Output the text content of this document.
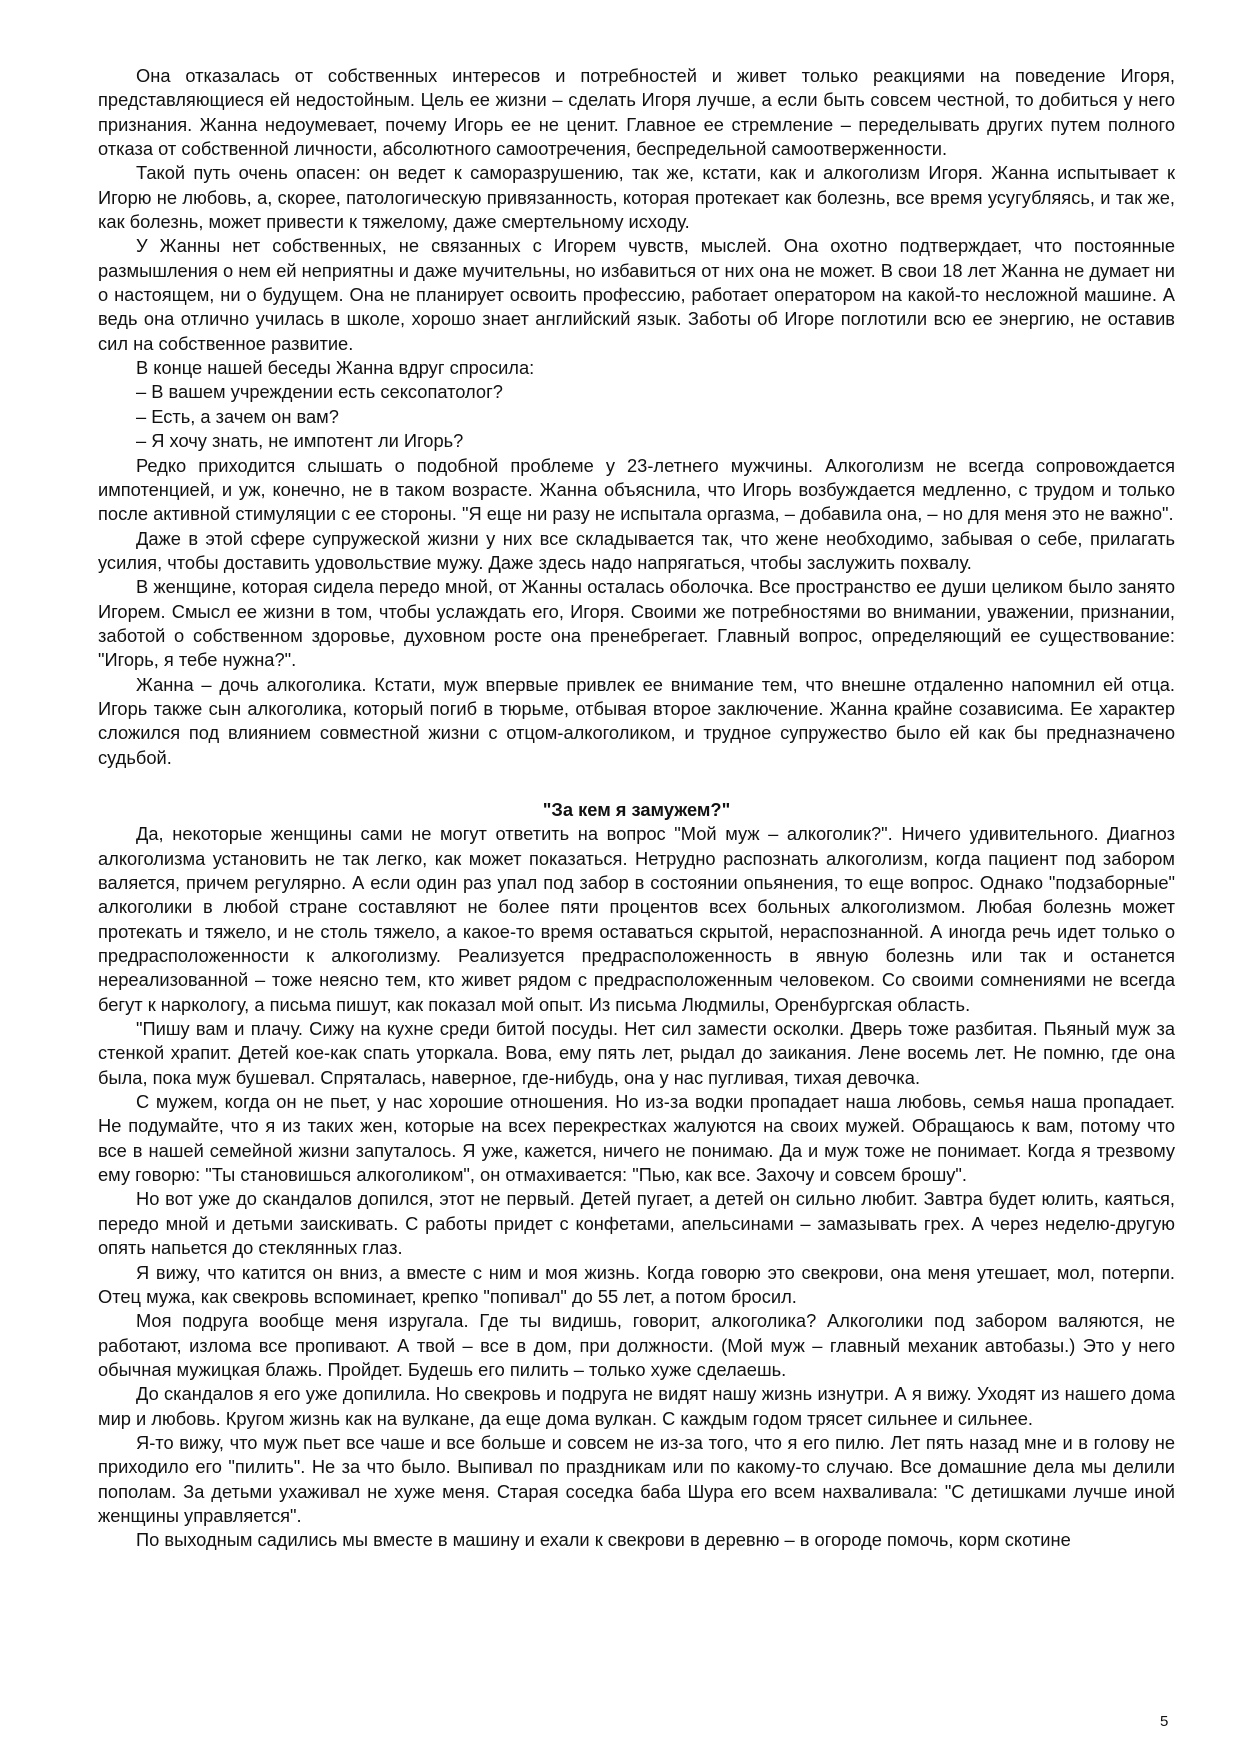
Она отказалась от собственных интересов и потребностей и живет только реакциями на поведение Игоря, представляющиеся ей недостойным. Цель ее жизни – сделать Игоря лучше, а если быть совсем честной, то добиться у него признания. Жанна недоумевает, почему Игорь ее не ценит. Главное ее стремление – переделывать других путем полного отказа от собственной личности, абсолютного самоотречения, беспредельной самоотверженности.

Такой путь очень опасен: он ведет к саморазрушению, так же, кстати, как и алкоголизм Игоря. Жанна испытывает к Игорю не любовь, а, скорее, патологическую привязанность, которая протекает как болезнь, все время усугубляясь, и так же, как болезнь, может привести к тяжелому, даже смертельному исходу.

У Жанны нет собственных, не связанных с Игорем чувств, мыслей. Она охотно подтверждает, что постоянные размышления о нем ей неприятны и даже мучительны, но избавиться от них она не может. В свои 18 лет Жанна не думает ни о настоящем, ни о будущем. Она не планирует освоить профессию, работает оператором на какой-то несложной машине. А ведь она отлично училась в школе, хорошо знает английский язык. Заботы об Игоре поглотили всю ее энергию, не оставив сил на собственное развитие.

В конце нашей беседы Жанна вдруг спросила:

– В вашем учреждении есть сексопатолог?

– Есть, а зачем он вам?

– Я хочу знать, не импотент ли Игорь?

Редко приходится слышать о подобной проблеме у 23-летнего мужчины. Алкоголизм не всегда сопровождается импотенцией, и уж, конечно, не в таком возрасте. Жанна объяснила, что Игорь возбуждается медленно, с трудом и только после активной стимуляции с ее стороны. "Я еще ни разу не испытала оргазма, – добавила она, – но для меня это не важно".

Даже в этой сфере супружеской жизни у них все складывается так, что жене необходимо, забывая о себе, прилагать усилия, чтобы доставить удовольствие мужу. Даже здесь надо напрягаться, чтобы заслужить похвалу.

В женщине, которая сидела передо мной, от Жанны осталась оболочка. Все пространство ее души целиком было занято Игорем. Смысл ее жизни в том, чтобы услаждать его, Игоря. Своими же потребностями во внимании, уважении, признании, заботой о собственном здоровье, духовном росте она пренебрегает. Главный вопрос, определяющий ее существование: "Игорь, я тебе нужна?".

Жанна – дочь алкоголика. Кстати, муж впервые привлек ее внимание тем, что внешне отдаленно напомнил ей отца. Игорь также сын алкоголика, который погиб в тюрьме, отбывая второе заключение. Жанна крайне созависима. Ее характер сложился под влиянием совместной жизни с отцом-алкоголиком, и трудное супружество было ей как бы предназначено судьбой.

"За кем я замужем?"

Да, некоторые женщины сами не могут ответить на вопрос "Мой муж – алкоголик?". Ничего удивительного. Диагноз алкоголизма установить не так легко, как может показаться. Нетрудно распознать алкоголизм, когда пациент под забором валяется, причем регулярно. А если один раз упал под забор в состоянии опьянения, то еще вопрос. Однако "подзаборные" алкоголики в любой стране составляют не более пяти процентов всех больных алкоголизмом. Любая болезнь может протекать и тяжело, и не столь тяжело, а какое-то время оставаться скрытой, нераспознанной. А иногда речь идет только о предрасположенности к алкоголизму. Реализуется предрасположенность в явную болезнь или так и останется нереализованной – тоже неясно тем, кто живет рядом с предрасположенным человеком. Со своими сомнениями не всегда бегут к наркологу, а письма пишут, как показал мой опыт. Из письма Людмилы, Оренбургская область.

"Пишу вам и плачу. Сижу на кухне среди битой посуды. Нет сил замести осколки. Дверь тоже разбитая. Пьяный муж за стенкой храпит. Детей кое-как спать уторкала. Вова, ему пять лет, рыдал до заикания. Лене восемь лет. Не помню, где она была, пока муж бушевал. Спряталась, наверное, где-нибудь, она у нас пугливая, тихая девочка.

С мужем, когда он не пьет, у нас хорошие отношения. Но из-за водки пропадает наша любовь, семья наша пропадает. Не подумайте, что я из таких жен, которые на всех перекрестках жалуются на своих мужей. Обращаюсь к вам, потому что все в нашей семейной жизни запуталось. Я уже, кажется, ничего не понимаю. Да и муж тоже не понимает. Когда я трезвому ему говорю: "Ты становишься алкоголиком", он отмахивается: "Пью, как все. Захочу и совсем брошу".

Но вот уже до скандалов допился, этот не первый. Детей пугает, а детей он сильно любит. Завтра будет юлить, каяться, передо мной и детьми заискивать. С работы придет с конфетами, апельсинами – замазывать грех. А через неделю-другую опять напьется до стеклянных глаз.

Я вижу, что катится он вниз, а вместе с ним и моя жизнь. Когда говорю это свекрови, она меня утешает, мол, потерпи. Отец мужа, как свекровь вспоминает, крепко "попивал" до 55 лет, а потом бросил.

Моя подруга вообще меня изругала. Где ты видишь, говорит, алкоголика? Алкоголики под забором валяются, не работают, излома все пропивают. А твой – все в дом, при должности. (Мой муж – главный механик автобазы.) Это у него обычная мужицкая блажь. Пройдет. Будешь его пилить – только хуже сделаешь.

До скандалов я его уже допилила. Но свекровь и подруга не видят нашу жизнь изнутри. А я вижу. Уходят из нашего дома мир и любовь. Кругом жизнь как на вулкане, да еще дома вулкан. С каждым годом трясет сильнее и сильнее.

Я-то вижу, что муж пьет все чаше и все больше и совсем не из-за того, что я его пилю. Лет пять назад мне и в голову не приходило его "пилить". Не за что было. Выпивал по праздникам или по какому-то случаю. Все домашние дела мы делили пополам. За детьми ухаживал не хуже меня. Старая соседка баба Шура его всем нахваливала: "С детишками лучше иной женщины управляется".

По выходным садились мы вместе в машину и ехали к свекрови в деревню – в огороде помочь, корм скотине

5
